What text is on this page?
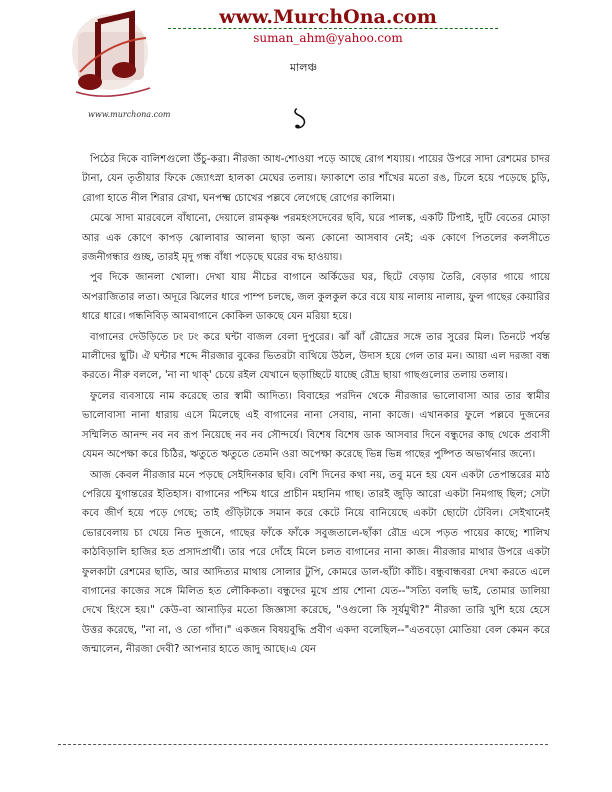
www.murchona.com
www.MurchOna.com
suman_ahm@yahoo.com
মালঞ্চ
১

পিঠের দিকে বালিশগুলো উঁচু-করা। নীরজা আধ-শোওয়া পড়ে আছে রোগ শয্যায়। পায়ের উপরে সাদা রেশমের চাদর টানা, যেন তৃতীয়ার ফিকে জ্যোৎস্না হালকা মেঘের তলায়। ফ্যাকাশে তার শাঁখের মতো রঙ, ঢিলে হয়ে পড়েছে চুড়ি, রোগা হাতে নীল শিরার রেখা, ঘনপক্ষ্ম চোখের পল্লবে লেগেছে রোগের কালিমা।

মেঝে সাদা মারবেলে বাঁধানো, দেয়ালে রামকৃষ্ণ পরমহংসদেবের ছবি, ঘরে পালঙ্ক, একটি টিপাই, দুটি বেতের মোড়া আর এক কোণে কাপড় ঝোলাবার আলনা ছাড়া অন্য কোনো আসবাব নেই; এক কোণে পিতলের কলসীতে রজনীগন্ধার গুচ্ছ, তারই মৃদু গন্ধ বাঁধা পড়েছে ঘরের বদ্ধ হাওয়ায়।

পুব দিকে জানলা খোলা। দেখা যায় নীচের বাগানে অর্কিডের ঘর, ছিটে বেড়ায় তৈরি, বেড়ার গায়ে গায়ে অপরাজিতার লতা। অদূরে ঝিলের ধারে পাম্প চলছে, জল কুলকুল করে বয়ে যায় নালায় নালায়, ফুল গাছের কেয়ারির ধারে ধারে। গন্ধনিবিড় আমবাগানে কোকিল ডাকছে যেন মরিয়া হয়ে।

বাগানের দেউড়িতে ঢং ঢং করে ঘন্টা বাজল বেলা দুপুরের। ঝাঁ ঝাঁ রৌদ্রের সঙ্গে তার সুরের মিল। তিনটে পর্যন্ত মালীদের ছুটি। ঐ ঘন্টার শব্দে নীরজার বুকের ভিতরটা ব্যথিয়ে উঠল, উদাস হয়ে গেল তার মন। আয়া এল দরজা বন্ধ করতে। নীরু বললে, 'না না থাক্' চেয়ে রইল যেখানে ছড়াচ্ছিটে যাচ্ছে রৌদ্র ছায়া গাছগুলোর তলায় তলায়।

ফুলের ব্যবসায়ে নাম করেছে তার স্বামী আদিত্য। বিবাহের পরদিন থেকে নীরজার ভালোবাসা আর তার স্বামীর ভালোবাসা নানা ধারায় এসে মিলেছে এই বাগানের নানা সেবায়, নানা কাজে। এখানকার ফুলে পল্লবে দুজনের সম্মিলিত আনন্দ নব নব রূপ নিয়েছে নব নব সৌন্দর্যে। বিশেষ বিশেষ ডাক আসবার দিনে বন্ধুদের কাছ থেকে প্রবাসী যেমন অপেক্ষা করে চিঠির, ঋতুতে ঋতুতে তেমনি ওরা অপেক্ষা করেছে ভিন্ন ভিন্ন গাছের পুষ্পিত অভ্যর্থনার জন্যে।

আজ কেবল নীরজার মনে পড়ছে সেইদিনকার ছবি। বেশি দিনের কথা নয়, তবু মনে হয় যেন একটা তেপান্তরের মাঠ পেরিয়ে যুগান্তরের ইতিহাস। বাগানের পশ্চিম ধারে প্রাচীন মহানিম গাছ। তারই জুড়ি আরো একটা নিমগাছ ছিল; সেটা কবে জীর্ণ হয়ে পড়ে গেছে; তাই গুঁড়িটাকে সমান করে কেটে নিয়ে বানিয়েছে একটা ছোটো টেবিল। সেইখানেই ভোরবেলায় চা খেয়ে নিত দুজনে, গাছের ফাঁকে ফাঁকে সবুজতালে-ছাঁকা রৌদ্র এসে পড়ত পায়ের কাছে; শালিখ কাঠবিড়ালি হাজির হত প্রসাদপ্রার্থী। তার পরে দোঁহে মিলে চলত বাগানের নানা কাজ। নীরজার মাথার উপরে একটা ফুলকাটা রেশমের ছাতি, আর আদিত্যর মাথায় সোলার টুপি, কোমরে ডাল-ছাঁটা কাঁচি। বন্ধুবান্ধবরা দেখা করতে এলে বাগানের কাজের সঙ্গে মিলিত হত লৌকিকতা। বন্ধুদের মুখে প্রায় শোনা যেত--"সত্যি বলছি ভাই, তোমার ডালিয়া দেখে হিংসে হয়।" কেউ-বা আনাড়ির মতো জিজ্ঞাসা করেছে, "ওগুলো কি সূর্যমুখী?" নীরজা তারি খুশি হয়ে হেসে উত্তর করেছে, "না না, ও তো গাঁদা।" একজন বিষয়বুদ্ধি প্রবীণ একদা বলেছিল--"এতবড়ো মোতিয়া বেল কেমন করে জন্মালেন, নীরজা দেবী? আপনার হাতে জাদু আছে।এ যেন
